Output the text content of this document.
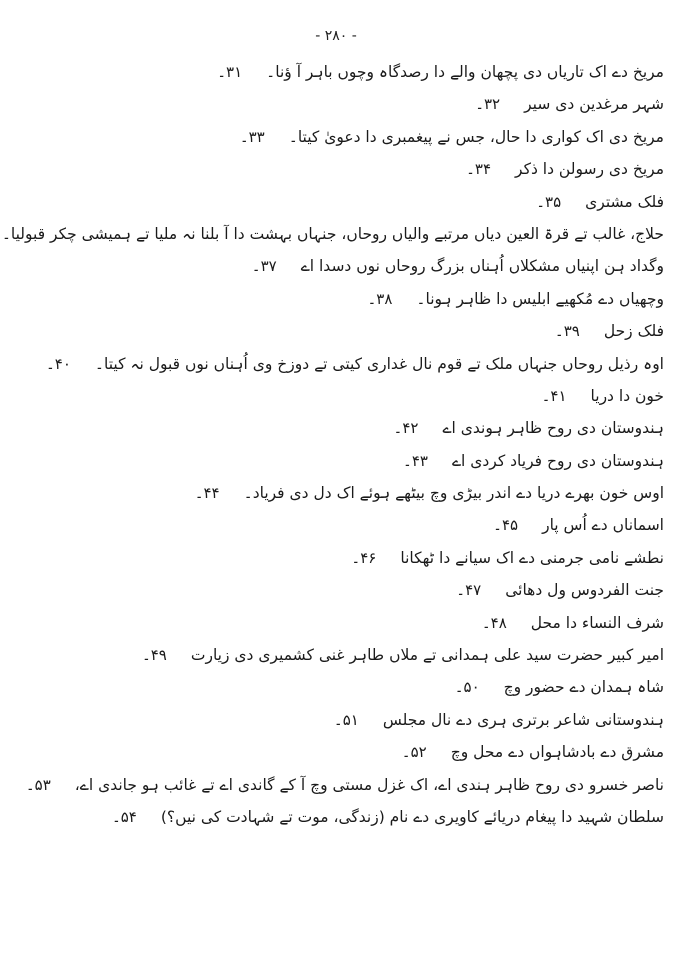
- ۲۸۰ -
مریخ دے اک تاریاں دی پچھان والے دا رصدگاہ وچوں باہر آ ؤنا۔۳۱۔
شہر مرغدین دی سیر۳۲۔
مریخ دی اک کواری دا حال، جس نے پیغمبری دا دعویٰ کیتا۔۳۳۔
مریخ دی رسولن دا ذکر۳۴۔
فلک مشتری۳۵۔
حلاج، غالب تے قرۃ العین دیاں مرتبے والیاں روحاں، جنہاں بہشت دا آ بلنا نہ ملیا تے ہمیشی چکر قبولیا۔
وگداد ہن اپنیاں مشکلاں اُہناں بزرگ روحاں نوں دسدا اے۳۷۔
وچھیاں دے مُکھیے ابلیس دا ظاہر ہونا۔۳۸۔
فلک زحل۳۹۔
اوہ رذیل روحاں جنہاں ملک تے قوم نال غداری کیتی تے دوزخ وی اُہناں نوں قبول نہ کیتا۔۴۰۔
خون دا دریا۴۱۔
ہندوستان دی روح ظاہر ہوندی اے۴۲۔
ہندوستان دی روح فریاد کردی اے۴۳۔
اوس خون بھرے دریا دے اندر بیڑی وچ بیٹھے ہوئے اک دل دی فریاد۔۴۴۔
اسماناں دے اُس پار۴۵۔
نطشے نامی جرمنی دے اک سیانے دا ٹھکانا۴۶۔
جنت الفردوس ول دھائی۴۷۔
شرف النساء دا محل۴۸۔
امیر کبیر حضرت سید علی ہمدانی تے ملاں طاہر غنی کشمیری دی زیارت۴۹۔
شاہ ہمدان دے حضور وچ۵۰۔
ہندوستانی شاعر برتری ہری دے نال مجلس۵۱۔
مشرق دے بادشاہواں دے محل وچ۵۲۔
ناصر خسرو دی روح ظاہر ہندی اے، اک غزل مستی وچ آ کے گاندی اے تے غائب ہو جاندی اے،۵۳۔
سلطان شہید دا پیغام دریائے کاویری دے نام (زندگی، موت تے شہادت کی نیں؟)۵۴۔
